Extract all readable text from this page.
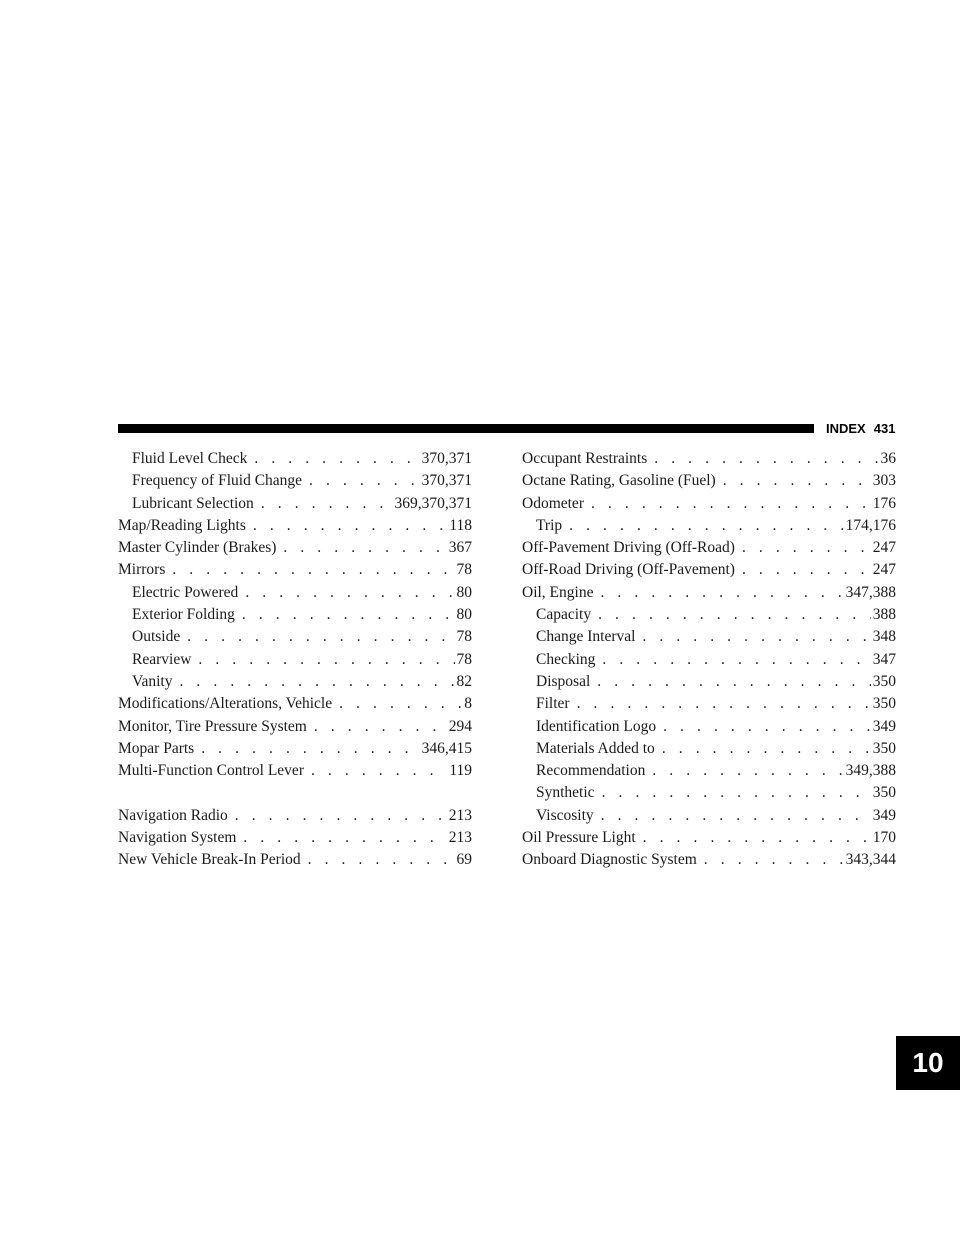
INDEX 431
Fluid Level Check . . .	370,371
Frequency of Fluid Change . . .	370,371
Lubricant Selection . . .	369,370,371
Map/Reading Lights . . .	118
Master Cylinder (Brakes) . . .	367
Mirrors . . .	78
Electric Powered . . .	80
Exterior Folding . . .	80
Outside . . .	78
Rearview . . .	78
Vanity . . .	82
Modifications/Alterations, Vehicle . . .	8
Monitor, Tire Pressure System . . .	294
Mopar Parts . . .	346,415
Multi-Function Control Lever . . .	119
Navigation Radio . . .	213
Navigation System . . .	213
New Vehicle Break-In Period . . .	69
Occupant Restraints . . .	36
Octane Rating, Gasoline (Fuel) . . .	303
Odometer . . .	176
Trip . . .	174,176
Off-Pavement Driving (Off-Road) . . .	247
Off-Road Driving (Off-Pavement) . . .	247
Oil, Engine . . .	347,388
Capacity . . .	388
Change Interval . . .	348
Checking . . .	347
Disposal . . .	350
Filter . . .	350
Identification Logo . . .	349
Materials Added to . . .	350
Recommendation . . .	349,388
Synthetic . . .	350
Viscosity . . .	349
Oil Pressure Light . . .	170
Onboard Diagnostic System . . .	343,344
10
